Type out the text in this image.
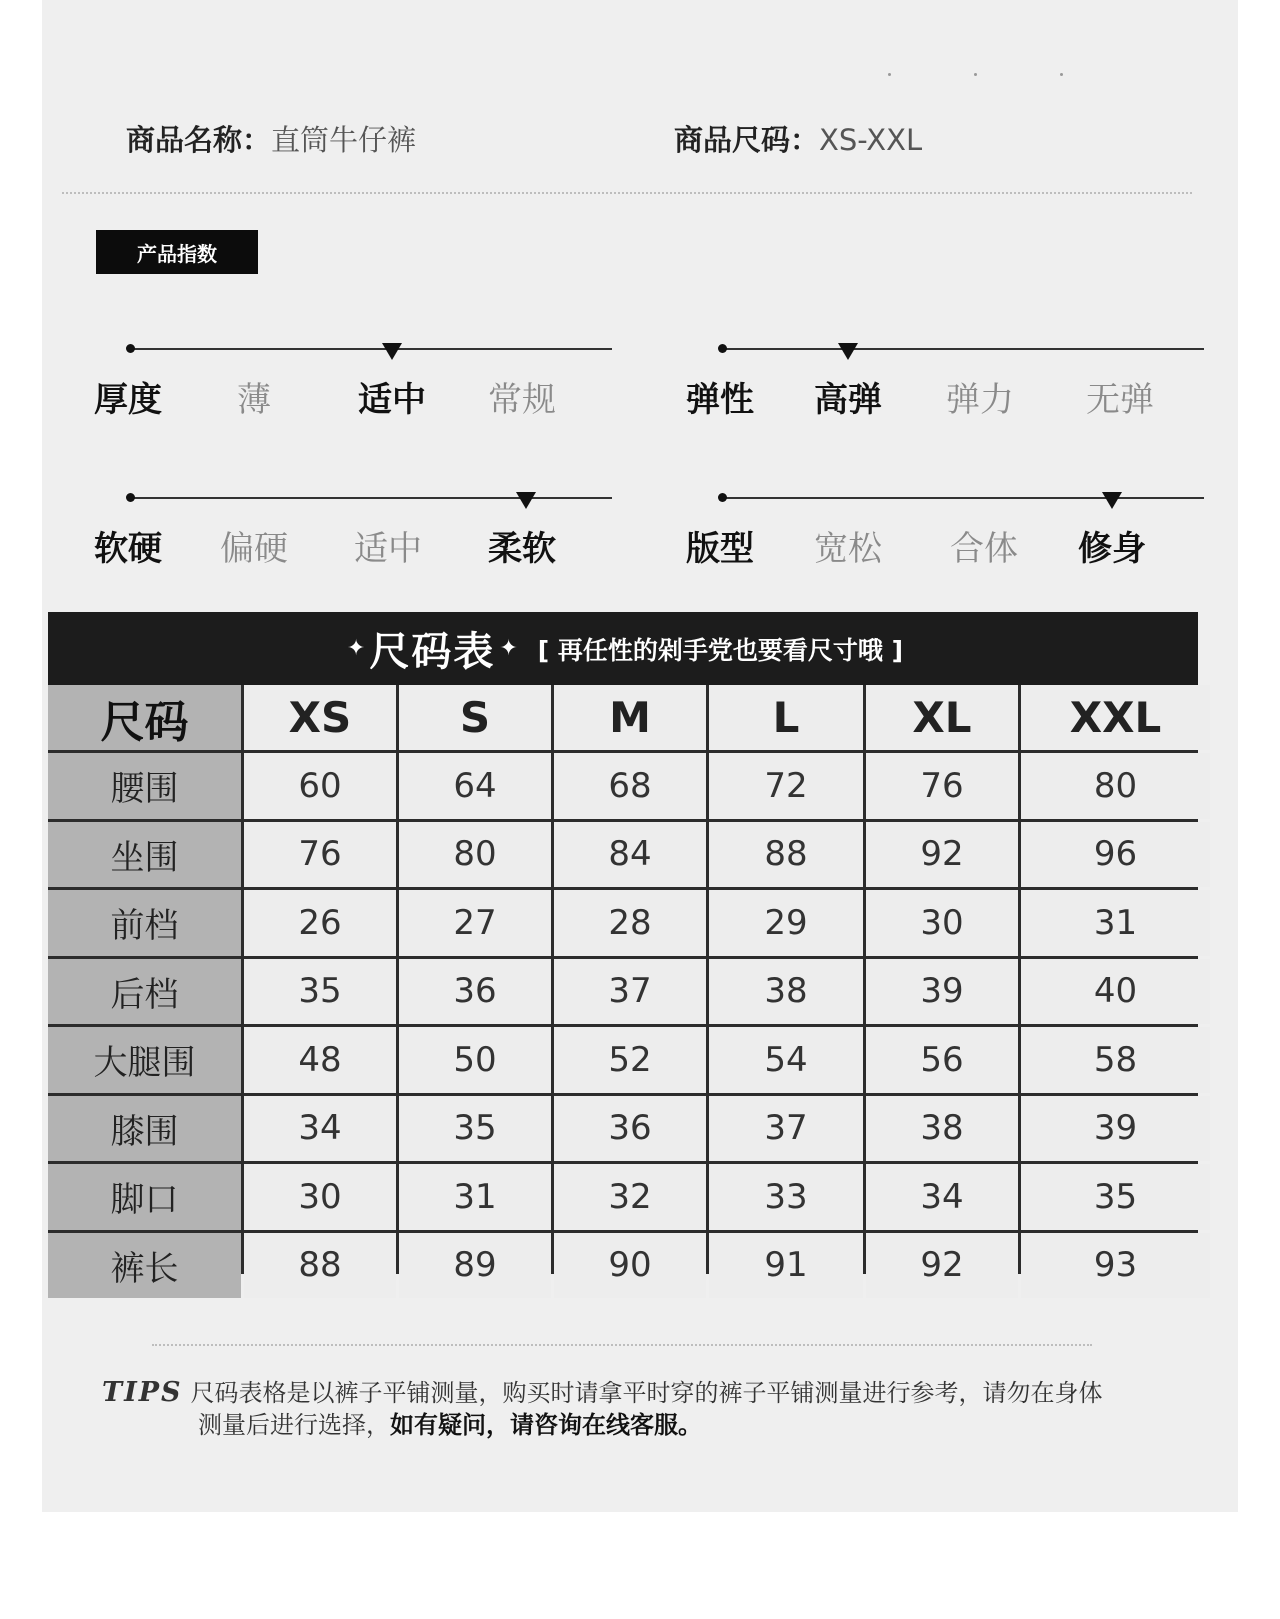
商品名称：直筒牛仔裤	商品尺码：XS-XXL
产品指数
厚度 薄	适中 常规	弹性 高弹 弹力 无弹
软硬 偏硬 适中 柔软	版型 宽松 合体 修身
✦ 尺码表 ✦ [ 再任性的剁手党也要看尺寸哦 ]
尺码	XS	S	M	L	XL	XXL
腰围	60	64	68	72	76	80
坐围	76	80	84	88	92	96
前档	26	27	28	29	30	31
后档	35	36	37	38	39	40
大腿围	48	50	52	54	56	58
膝围	34	35	36	37	38	39
脚口	30	31	32	33	34	35
裤长	88	89	90	91	92	93
TIPS 尺码表格是以裤子平铺测量，购买时请拿平时穿的裤子平铺测量进行参考，请勿在身体
测量后进行选择，如有疑问，请咨询在线客服。
